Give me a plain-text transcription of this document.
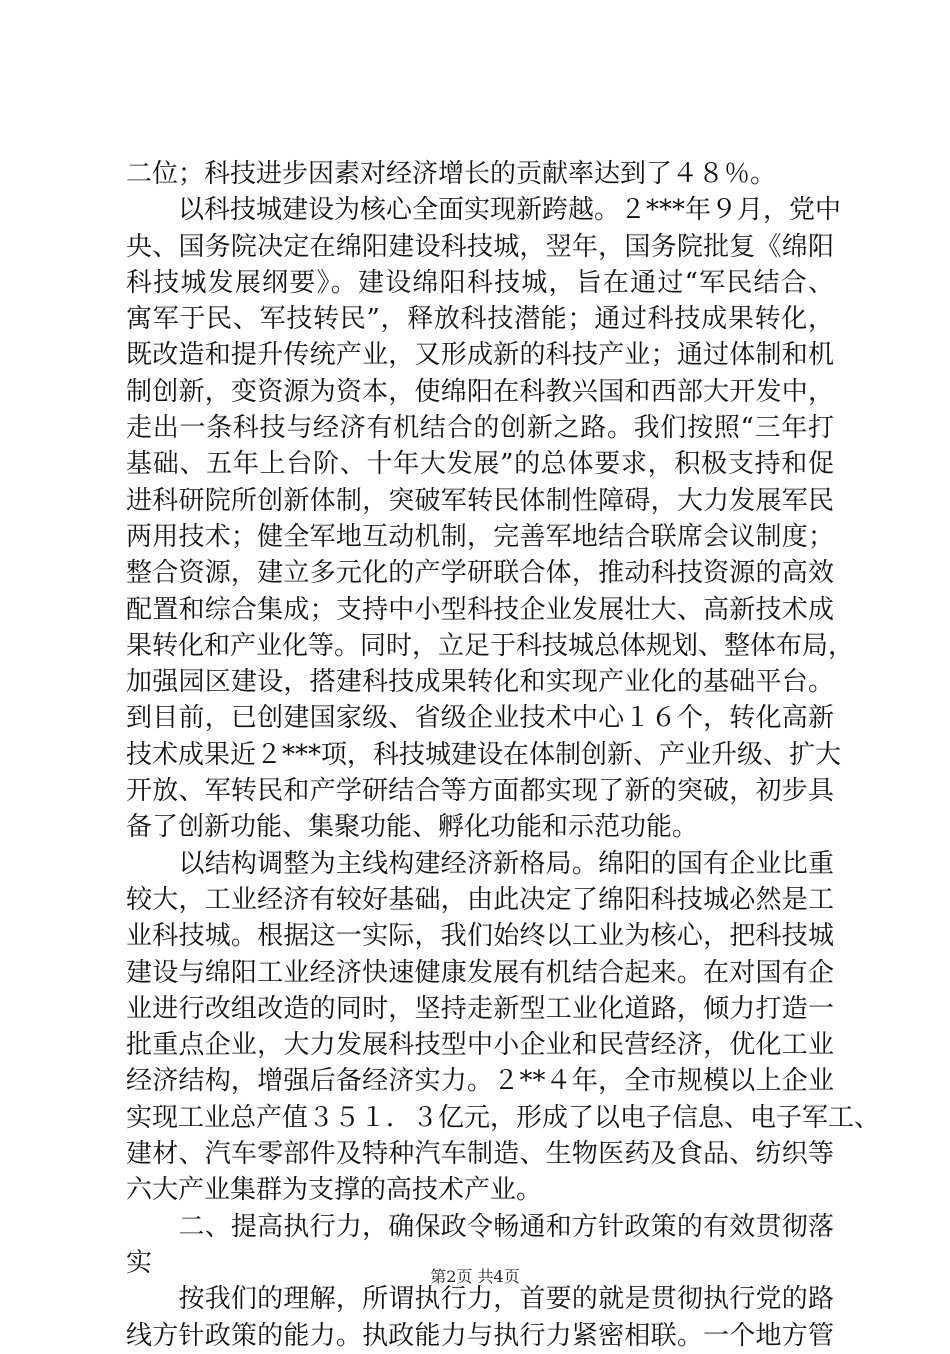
二位；科技进步因素对经济增长的贡献率达到了４８％。
　　以科技城建设为核心全面实现新跨越。２***年９月，党中
央、国务院决定在绵阳建设科技城，翌年，国务院批复《绵阳
科技城发展纲要》。建设绵阳科技城，旨在通过“军民结合、
寓军于民、军技转民”，释放科技潜能；通过科技成果转化，
既改造和提升传统产业，又形成新的科技产业；通过体制和机
制创新，变资源为资本，使绵阳在科教兴国和西部大开发中，
走出一条科技与经济有机结合的创新之路。我们按照“三年打
基础、五年上台阶、十年大发展”的总体要求，积极支持和促
进科研院所创新体制，突破军转民体制性障碍，大力发展军民
两用技术；健全军地互动机制，完善军地结合联席会议制度；
整合资源，建立多元化的产学研联合体，推动科技资源的高效
配置和综合集成；支持中小型科技企业发展壮大、高新技术成
果转化和产业化等。同时，立足于科技城总体规划、整体布局，
加强园区建设，搭建科技成果转化和实现产业化的基础平台。
到目前，已创建国家级、省级企业技术中心１６个，转化高新
技术成果近２***项，科技城建设在体制创新、产业升级、扩大
开放、军转民和产学研结合等方面都实现了新的突破，初步具
备了创新功能、集聚功能、孵化功能和示范功能。
　　以结构调整为主线构建经济新格局。绵阳的国有企业比重
较大，工业经济有较好基础，由此决定了绵阳科技城必然是工
业科技城。根据这一实际，我们始终以工业为核心，把科技城
建设与绵阳工业经济快速健康发展有机结合起来。在对国有企
业进行改组改造的同时，坚持走新型工业化道路，倾力打造一
批重点企业，大力发展科技型中小企业和民营经济，优化工业
经济结构，增强后备经济实力。２**４年，全市规模以上企业
实现工业总产值３５１．３亿元，形成了以电子信息、电子军工、
建材、汽车零部件及特种汽车制造、生物医药及食品、纺织等
六大产业集群为支撑的高技术产业。
　　二、提高执行力，确保政令畅通和方针政策的有效贯彻落
实
　　按我们的理解，所谓执行力，首要的就是贯彻执行党的路
线方针政策的能力。执政能力与执行力紧密相联。一个地方管
第2页 共4页
